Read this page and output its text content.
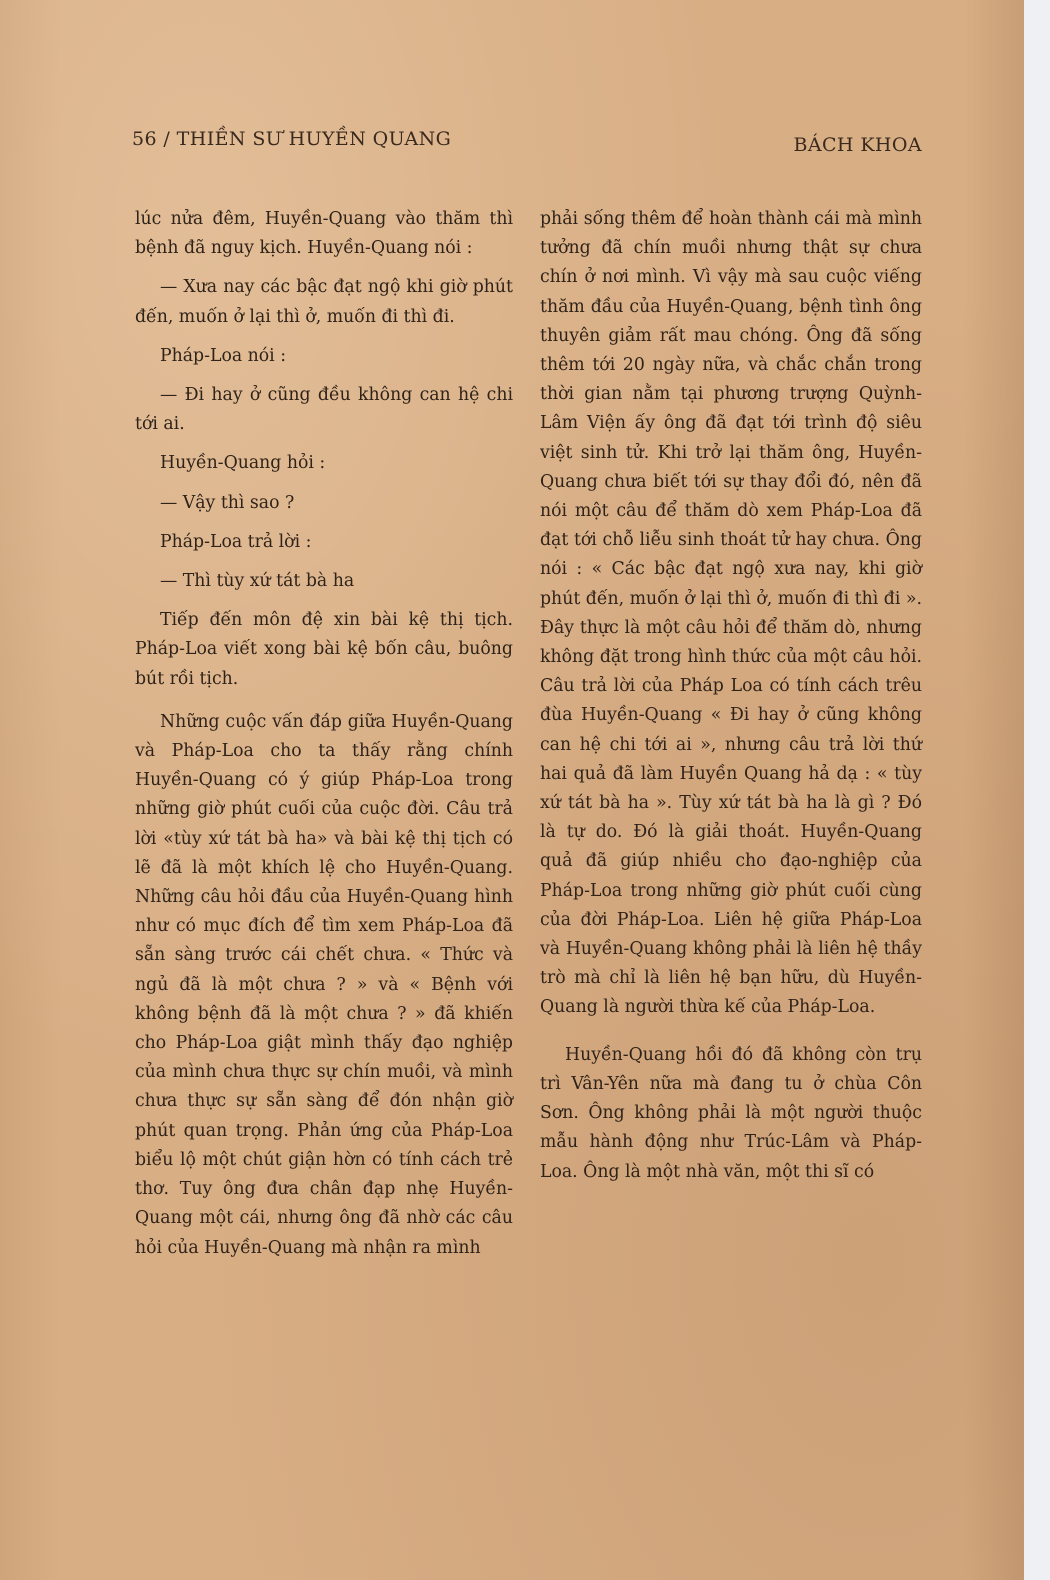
56 / THIỀN SƯ HUYỀN QUANG	BÁCH KHOA

lúc nửa đêm, Huyền-Quang vào thăm thì bệnh đã nguy kịch. Huyền-Quang nói :

— Xưa nay các bậc đạt ngộ khi giờ phút đến, muốn ở lại thì ở, muốn đi thì đi.

Pháp-Loa nói :

— Đi hay ở cũng đều không can hệ chi tới ai.

Huyền-Quang hỏi :

— Vậy thì sao ?

Pháp-Loa trả lời :

— Thì tùy xứ tát bà ha

Tiếp đến môn đệ xin bài kệ thị tịch. Pháp-Loa viết xong bài kệ bốn câu, buông bút rồi tịch.

Những cuộc vấn đáp giữa Huyền-Quang và Pháp-Loa cho ta thấy rằng chính Huyền-Quang có ý giúp Pháp-Loa trong những giờ phút cuối của cuộc đời. Câu trả lời «tùy xứ tát bà ha» và bài kệ thị tịch có lẽ đã là một khích lệ cho Huyền-Quang. Những câu hỏi đầu của Huyền-Quang hình như có mục đích để tìm xem Pháp-Loa đã sẵn sàng trước cái chết chưa. « Thức và ngủ đã là một chưa ? » và « Bệnh với không bệnh đã là một chưa ? » đã khiến cho Pháp-Loa giật mình thấy đạo nghiệp của mình chưa thực sự chín muồi, và mình chưa thực sự sẵn sàng để đón nhận giờ phút quan trọng. Phản ứng của Pháp-Loa biểu lộ một chút giận hờn có tính cách trẻ thơ. Tuy ông đưa chân đạp nhẹ Huyền-Quang một cái, nhưng ông đã nhờ các câu hỏi của Huyền-Quang mà nhận ra mình

phải sống thêm để hoàn thành cái mà mình tưởng đã chín muồi nhưng thật sự chưa chín ở nơi mình. Vì vậy mà sau cuộc viếng thăm đầu của Huyền-Quang, bệnh tình ông thuyên giảm rất mau chóng. Ông đã sống thêm tới 20 ngày nữa, và chắc chắn trong thời gian nằm tại phương trượng Quỳnh-Lâm Viện ấy ông đã đạt tới trình độ siêu việt sinh tử. Khi trở lại thăm ông, Huyền-Quang chưa biết tới sự thay đổi đó, nên đã nói một câu để thăm dò xem Pháp-Loa đã đạt tới chỗ liễu sinh thoát tử hay chưa. Ông nói : « Các bậc đạt ngộ xưa nay, khi giờ phút đến, muốn ở lại thì ở, muốn đi thì đi ». Đây thực là một câu hỏi để thăm dò, nhưng không đặt trong hình thức của một câu hỏi. Câu trả lời của Pháp Loa có tính cách trêu đùa Huyền-Quang « Đi hay ở cũng không can hệ chi tới ai », nhưng câu trả lời thứ hai quả đã làm Huyền Quang hả dạ : « tùy xứ tát bà ha ». Tùy xứ tát bà ha là gì ? Đó là tự do. Đó là giải thoát. Huyền-Quang quả đã giúp nhiều cho đạo-nghiệp của Pháp-Loa trong những giờ phút cuối cùng của đời Pháp-Loa. Liên hệ giữa Pháp-Loa và Huyền-Quang không phải là liên hệ thầy trò mà chỉ là liên hệ bạn hữu, dù Huyền-Quang là người thừa kế của Pháp-Loa.

Huyền-Quang hồi đó đã không còn trụ trì Vân-Yên nữa mà đang tu ở chùa Côn Sơn. Ông không phải là một người thuộc mẫu hành động như Trúc-Lâm và Pháp-Loa. Ông là một nhà văn, một thi sĩ có
